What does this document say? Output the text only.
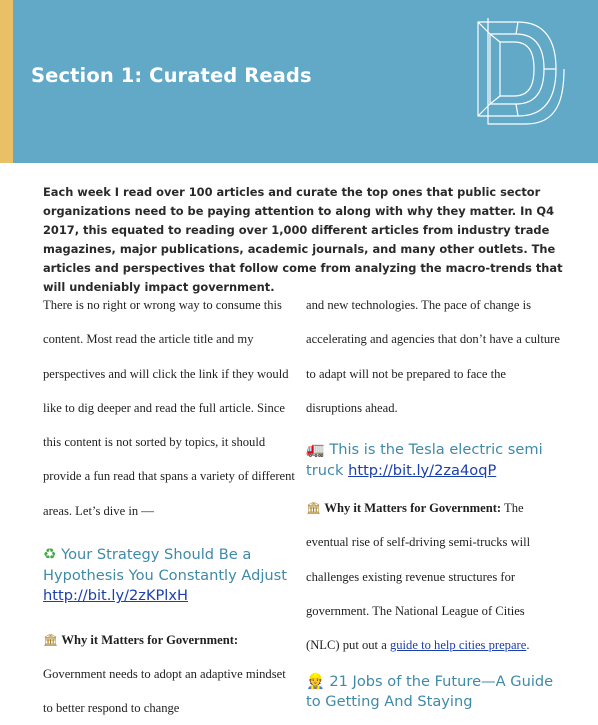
Section 1: Curated Reads
Each week I read over 100 articles and curate the top ones that public sector organizations need to be paying attention to along with why they matter. In Q4 2017, this equated to reading over 1,000 different articles from industry trade magazines, major publications, academic journals, and many other outlets. The articles and perspectives that follow come from analyzing the macro-trends that will undeniably impact government.

There is no right or wrong way to consume this content. Most read the article title and my perspectives and will click the link if they would like to dig deeper and read the full article. Since this content is not sorted by topics, it should provide a fun read that spans a variety of different areas. Let’s dive in —

♻ Your Strategy Should Be a Hypothesis You Constantly Adjust http://bit.ly/2zKPlxH

🏛 Why it Matters for Government: Government needs to adopt an adaptive mindset to better respond to change

and new technologies. The pace of change is accelerating and agencies that don’t have a culture to adapt will not be prepared to face the disruptions ahead.

🚛 This is the Tesla electric semi truck http://bit.ly/2za4oqP

🏛 Why it Matters for Government: The eventual rise of self-driving semi-trucks will challenges existing revenue structures for government. The National League of Cities (NLC) put out a guide to help cities prepare.

👷 21 Jobs of the Future—A Guide to Getting And Staying
